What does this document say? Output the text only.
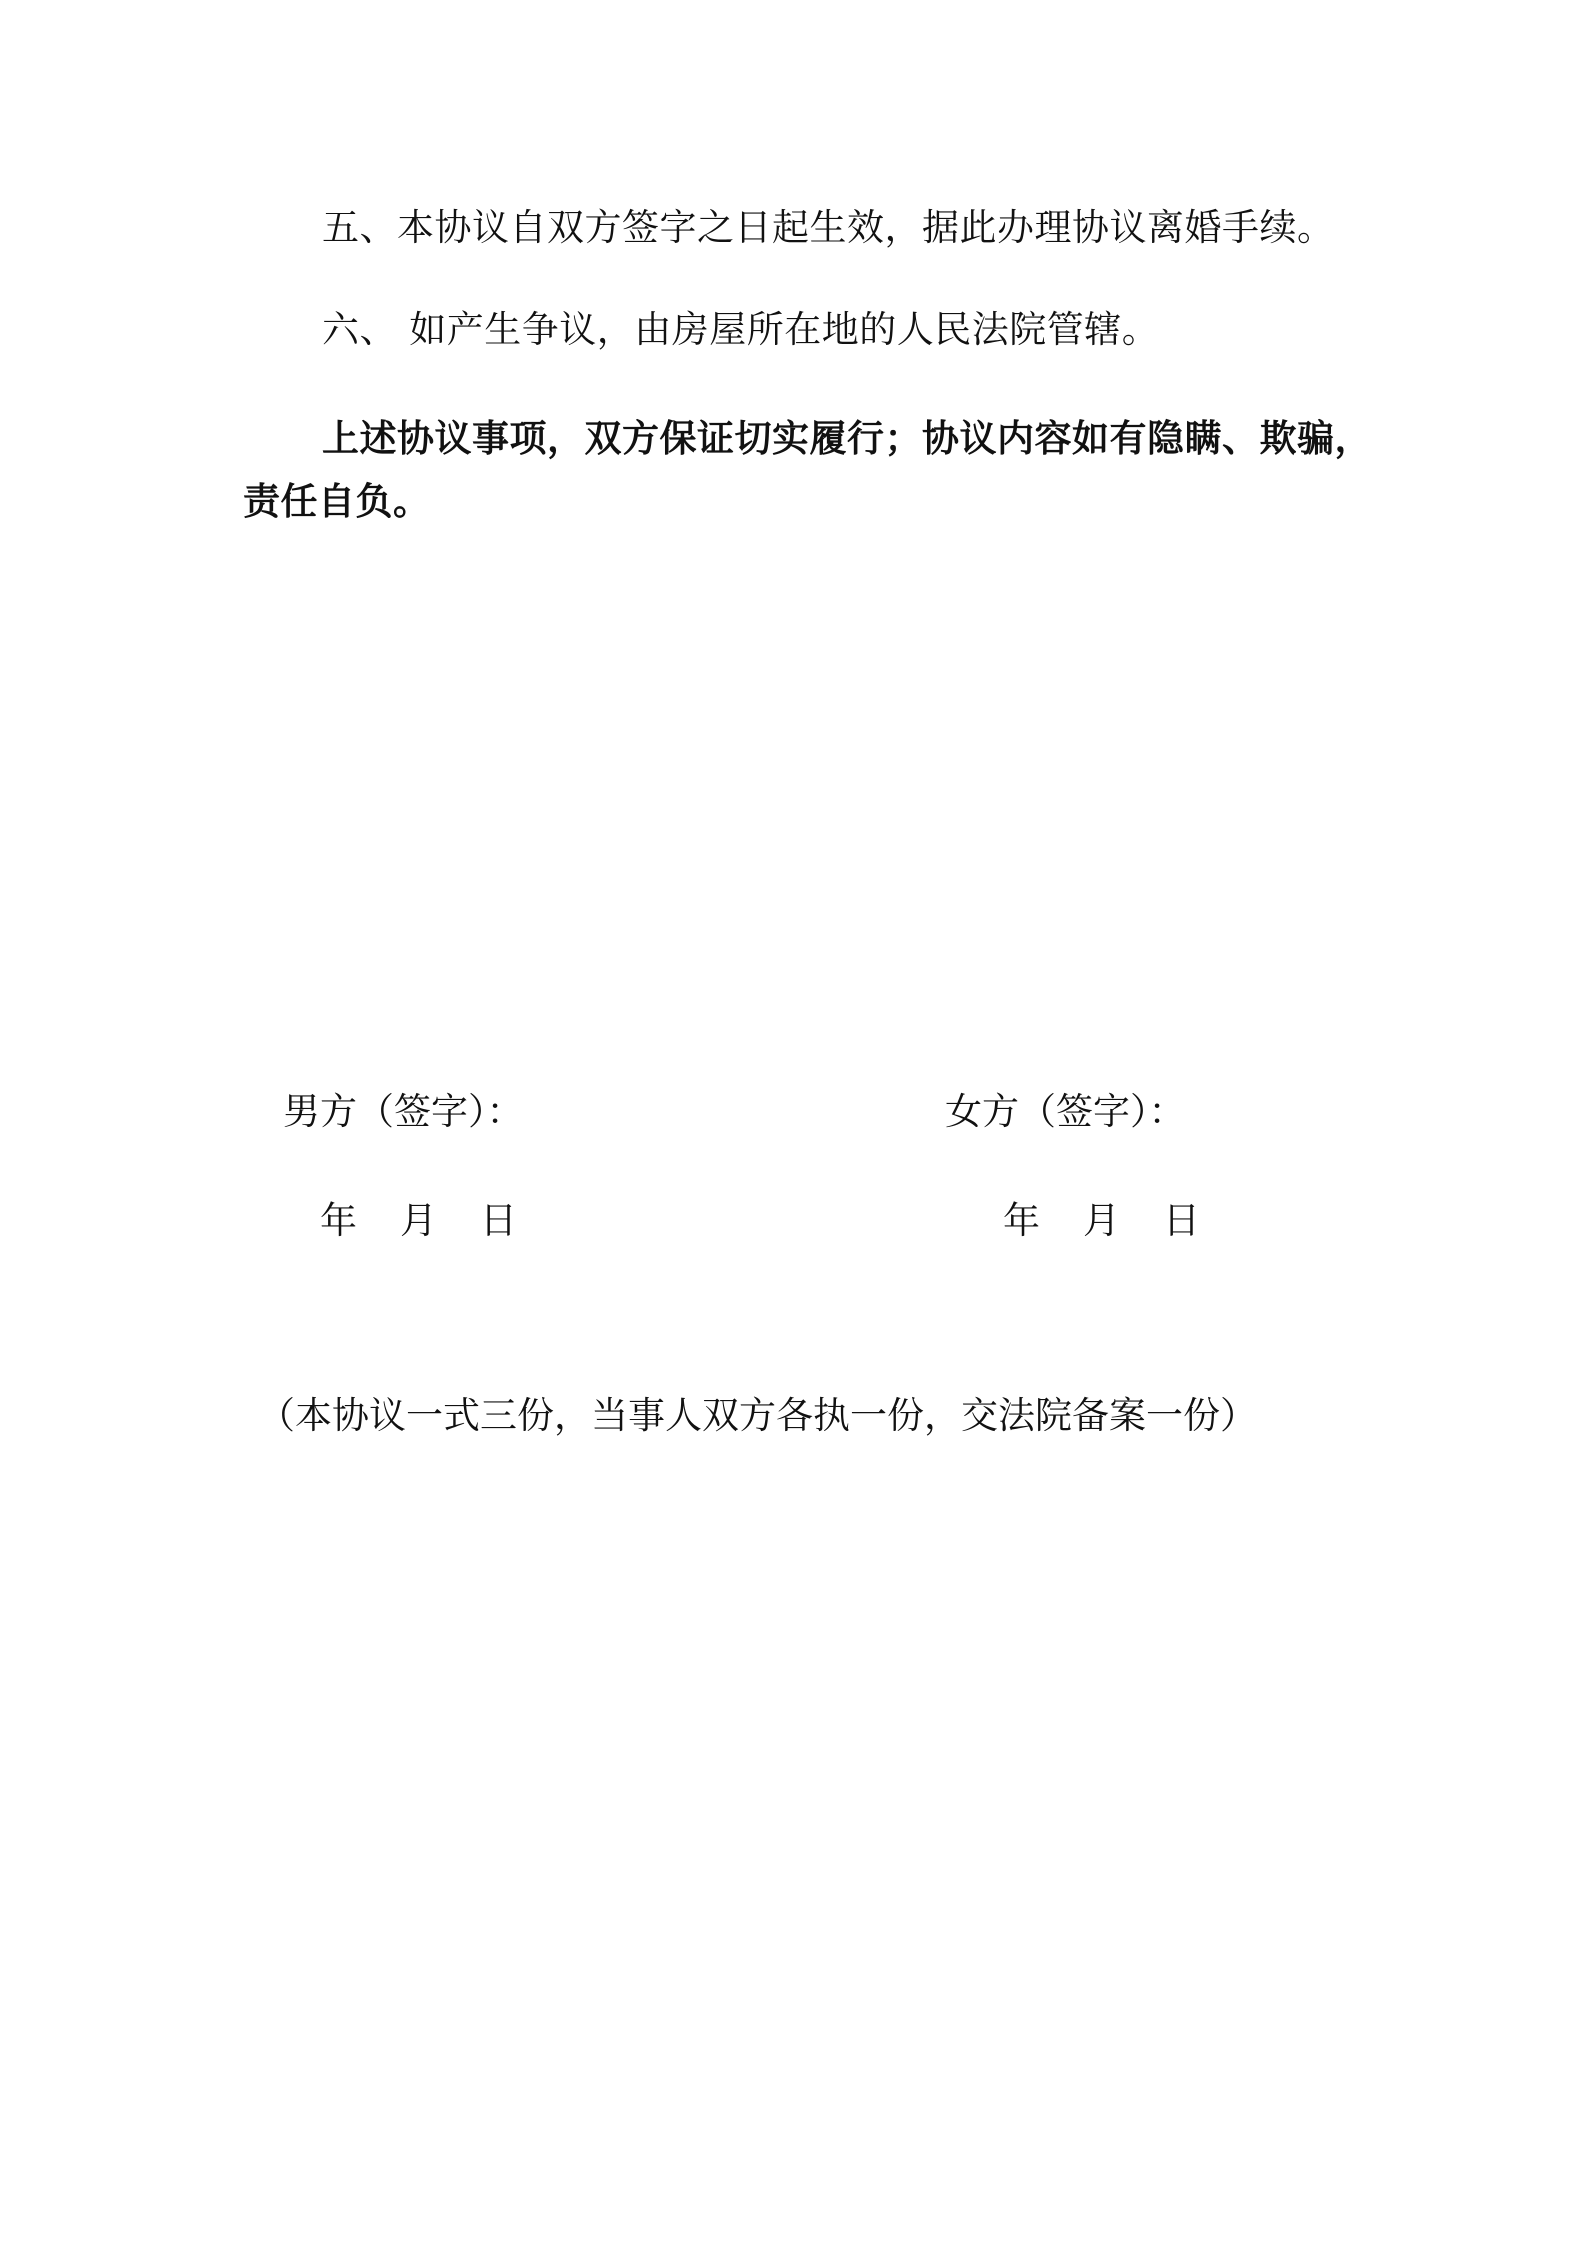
五、本协议自双方签字之日起生效，据此办理协议离婚手续。
六、 如产生争议，由房屋所在地的人民法院管辖。
上述协议事项，双方保证切实履行；协议内容如有隐瞒、欺骗，
责任自负。
男方（签字）：	女方（签字）：
年 月 日	年 月 日
（本协议一式三份，当事人双方各执一份，交法院备案一份）
